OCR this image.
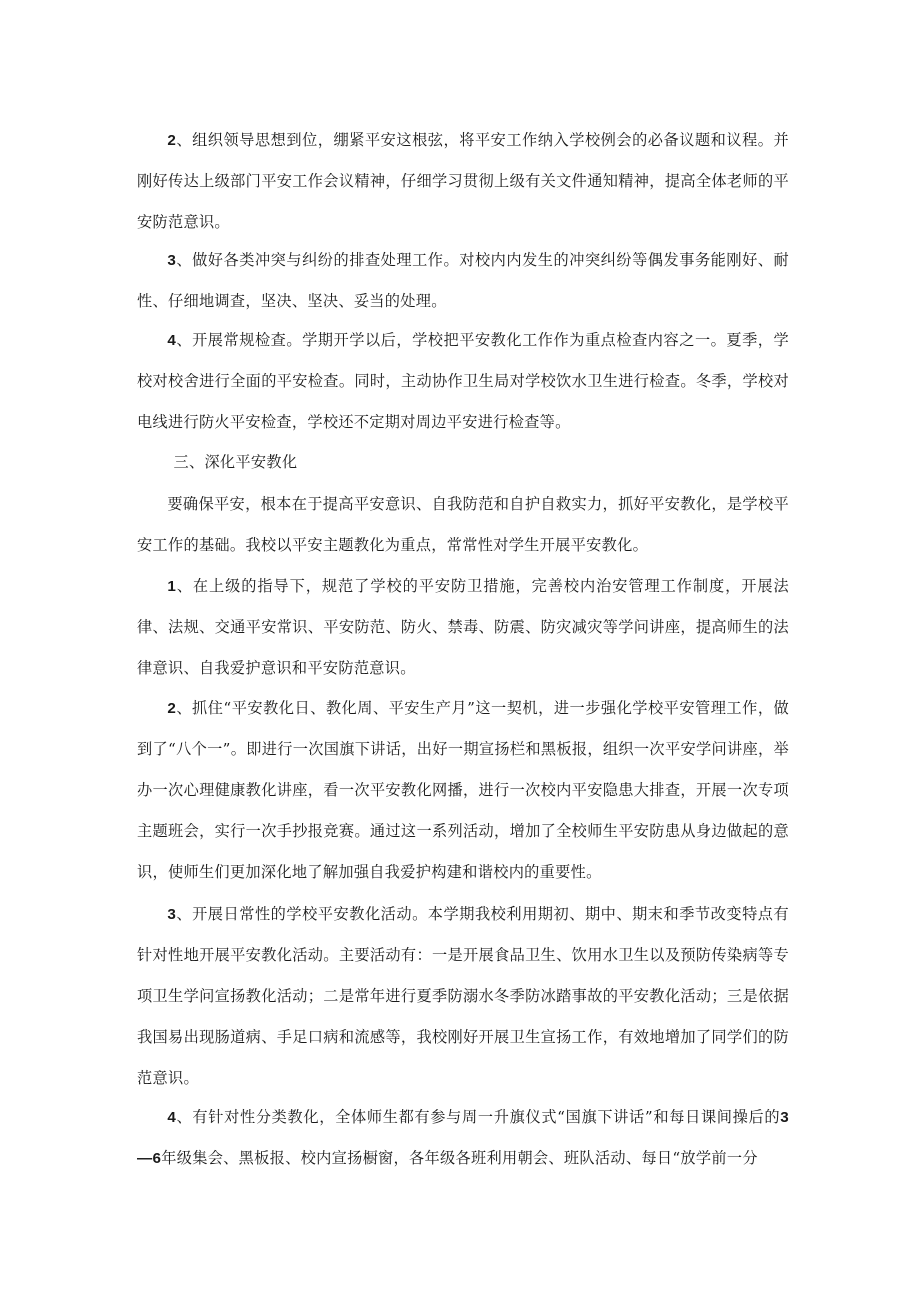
2、组织领导思想到位，绷紧平安这根弦，将平安工作纳入学校例会的必备议题和议程。并刚好传达上级部门平安工作会议精神，仔细学习贯彻上级有关文件通知精神，提高全体老师的平安防范意识。

3、做好各类冲突与纠纷的排查处理工作。对校内内发生的冲突纠纷等偶发事务能刚好、耐性、仔细地调查，坚决、坚决、妥当的处理。

4、开展常规检查。学期开学以后，学校把平安教化工作作为重点检查内容之一。夏季，学校对校舍进行全面的平安检查。同时，主动协作卫生局对学校饮水卫生进行检查。冬季，学校对电线进行防火平安检查，学校还不定期对周边平安进行检查等。

三、深化平安教化

要确保平安，根本在于提高平安意识、自我防范和自护自救实力，抓好平安教化，是学校平安工作的基础。我校以平安主题教化为重点，常常性对学生开展平安教化。

1、在上级的指导下，规范了学校的平安防卫措施，完善校内治安管理工作制度，开展法律、法规、交通平安常识、平安防范、防火、禁毒、防震、防灾减灾等学问讲座，提高师生的法律意识、自我爱护意识和平安防范意识。

2、抓住“平安教化日、教化周、平安生产月”这一契机，进一步强化学校平安管理工作，做到了“八个一”。即进行一次国旗下讲话，出好一期宣扬栏和黑板报，组织一次平安学问讲座，举办一次心理健康教化讲座，看一次平安教化网播，进行一次校内平安隐患大排查，开展一次专项主题班会，实行一次手抄报竞赛。通过这一系列活动，增加了全校师生平安防患从身边做起的意识，使师生们更加深化地了解加强自我爱护构建和谐校内的重要性。

3、开展日常性的学校平安教化活动。本学期我校利用期初、期中、期末和季节改变特点有针对性地开展平安教化活动。主要活动有：一是开展食品卫生、饮用水卫生以及预防传染病等专项卫生学问宣扬教化活动；二是常年进行夏季防溺水冬季防冰踏事故的平安教化活动；三是依据我国易出现肠道病、手足口病和流感等，我校刚好开展卫生宣扬工作，有效地增加了同学们的防范意识。

4、有针对性分类教化，全体师生都有参与周一升旗仪式“国旗下讲话”和每日课间操后的3—6年级集会、黑板报、校内宣扬橱窗，各年级各班利用朝会、班队活动、每日“放学前一分
